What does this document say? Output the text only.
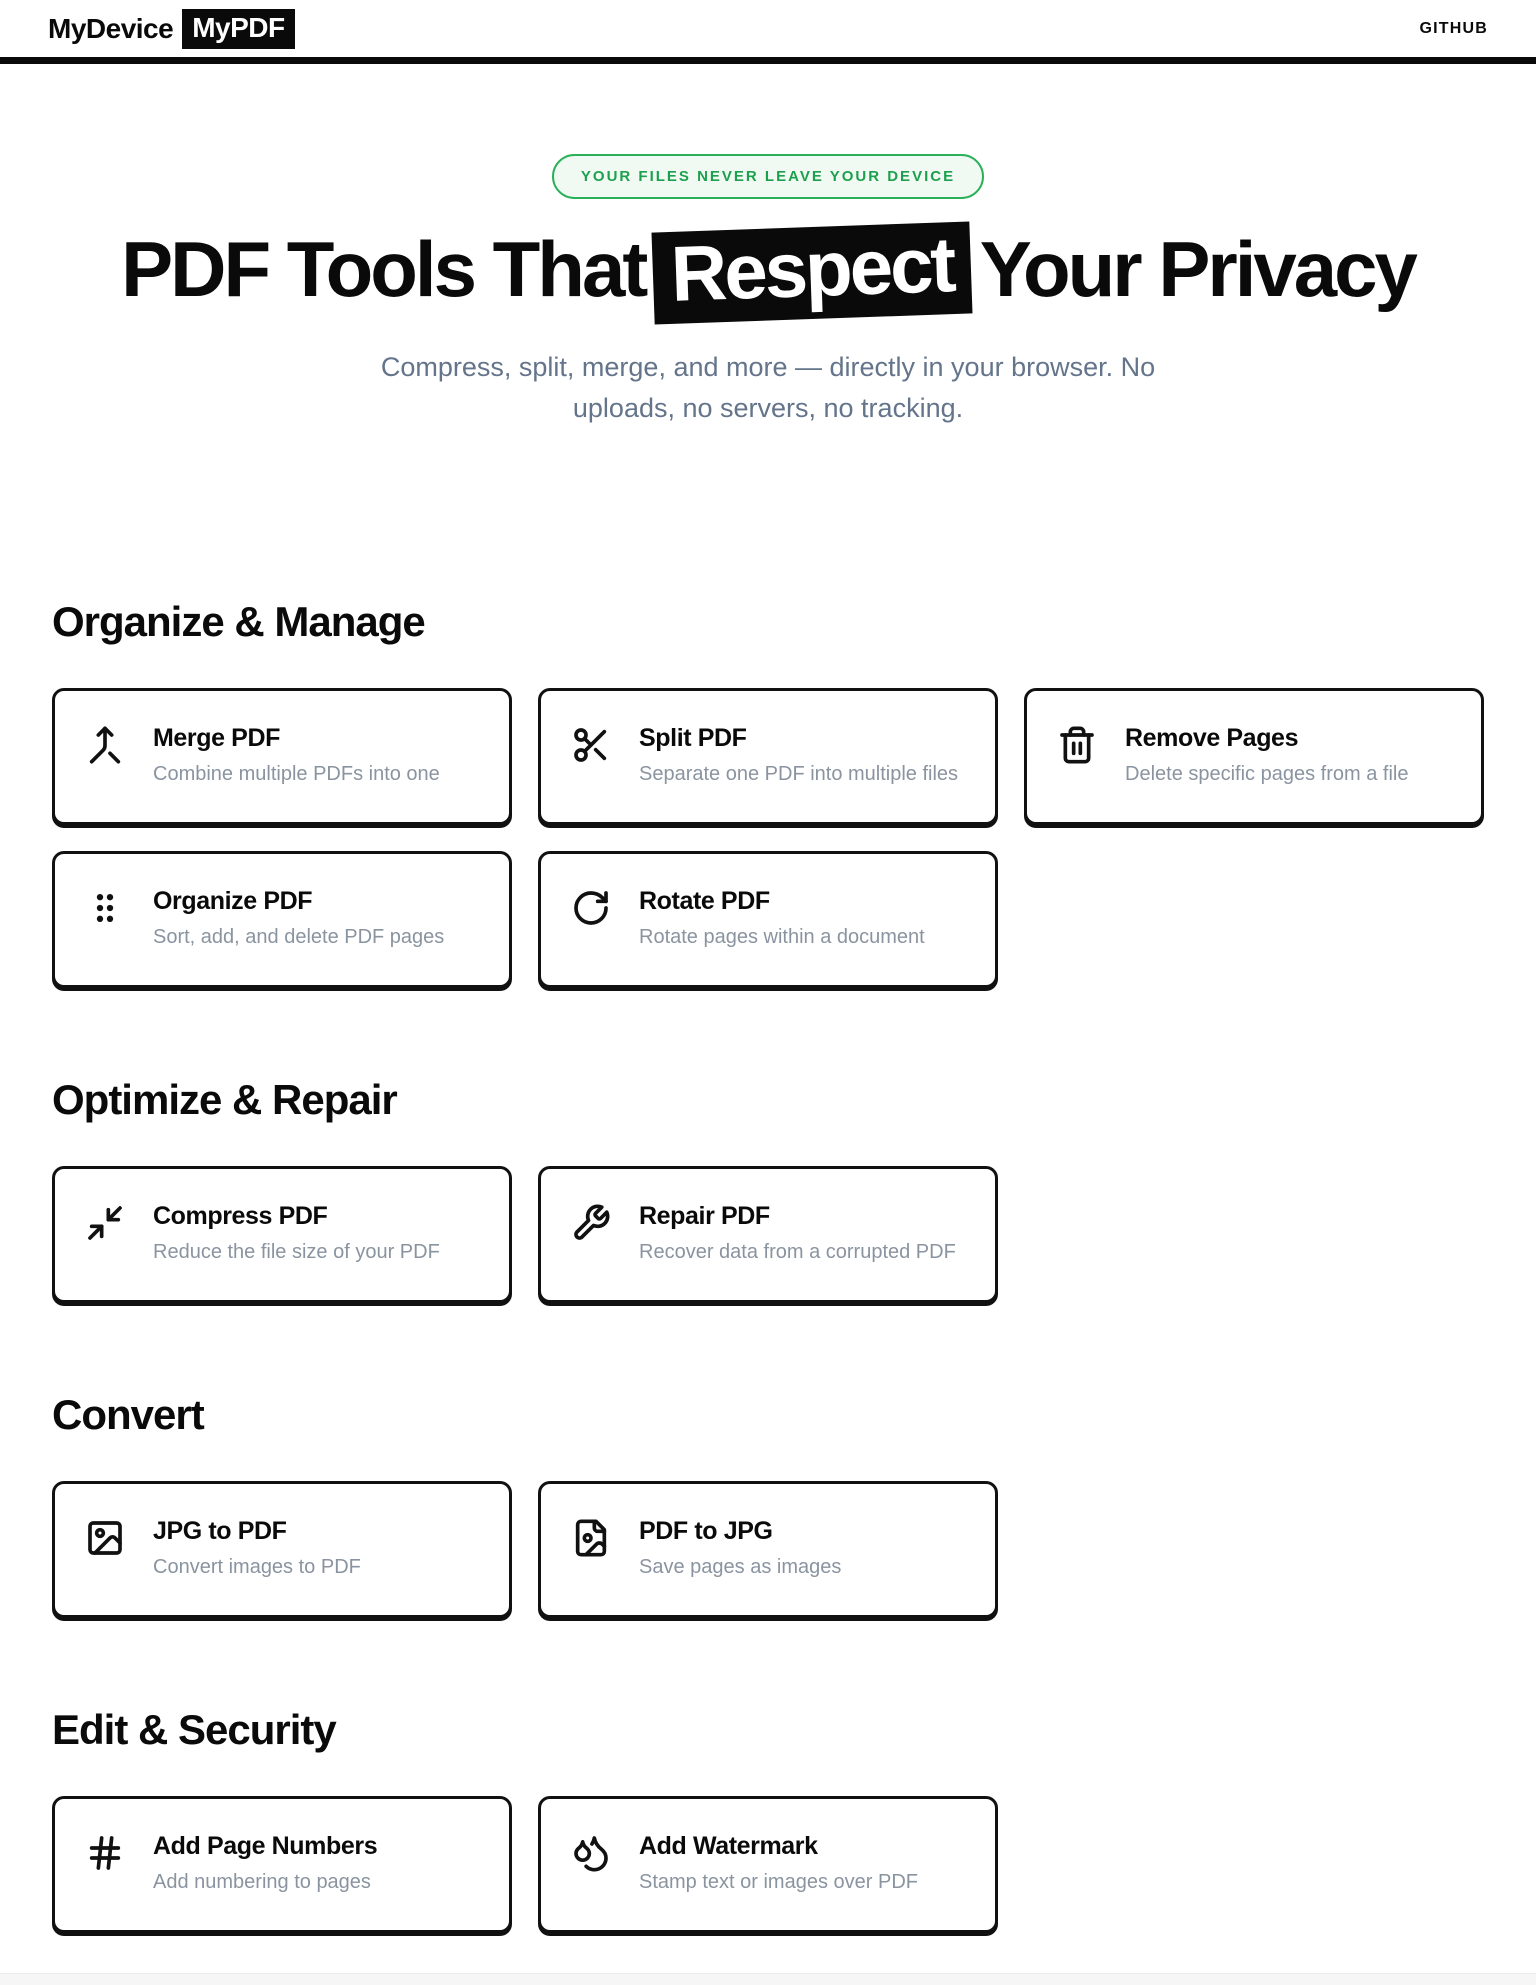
MyDevice MyPDF	GITHUB
YOUR FILES NEVER LEAVE YOUR DEVICE
PDF Tools That Respect Your Privacy

Compress, split, merge, and more — directly in your browser. No uploads, no servers, no tracking.

Organize & Manage
Merge PDF
Combine multiple PDFs into one
Split PDF
Separate one PDF into multiple files
Remove Pages
Delete specific pages from a file
Organize PDF
Sort, add, and delete PDF pages
Rotate PDF
Rotate pages within a document
Optimize & Repair
Compress PDF
Reduce the file size of your PDF
Repair PDF
Recover data from a corrupted PDF
Convert
JPG to PDF
Convert images to PDF
PDF to JPG
Save pages as images
Edit & Security
Add Page Numbers
Add numbering to pages
Add Watermark
Stamp text or images over PDF
